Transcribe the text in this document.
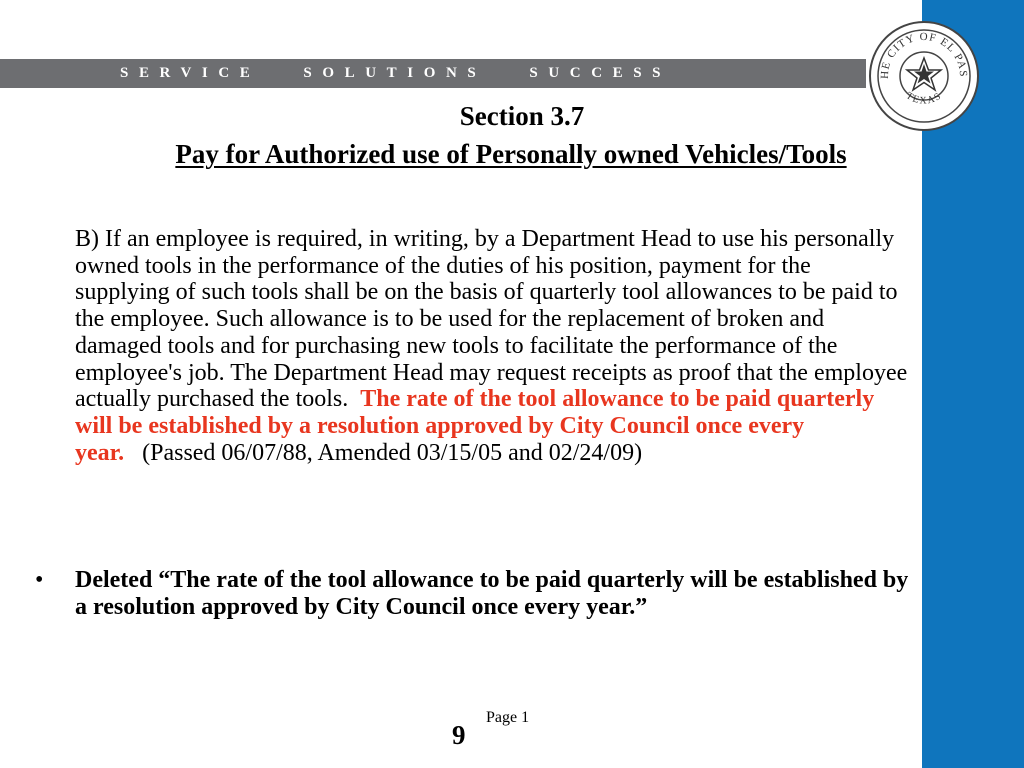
SERVICE   SOLUTIONS   SUCCESS	HE CITY OF EL PAS
TEXAS
Section 3.7
Pay for Authorized use of Personally owned Vehicles/Tools
B) If an employee is required, in writing, by a Department Head to use his personally owned tools in the performance of the duties of his position, payment for the supplying of such tools shall be on the basis of quarterly tool allowances to be paid to the employee. Such allowance is to be used for the replacement of broken and damaged tools and for purchasing new tools to facilitate the performance of the employee's job. The Department Head may request receipts as proof that the employee actually purchased the tools. The rate of the tool allowance to be paid quarterly will be established by a resolution approved by City Council once every year. (Passed 06/07/88, Amended 03/15/05 and 02/24/09)
• Deleted “The rate of the tool allowance to be paid quarterly will be established by a resolution approved by City Council once every year.”
Page 1
9
